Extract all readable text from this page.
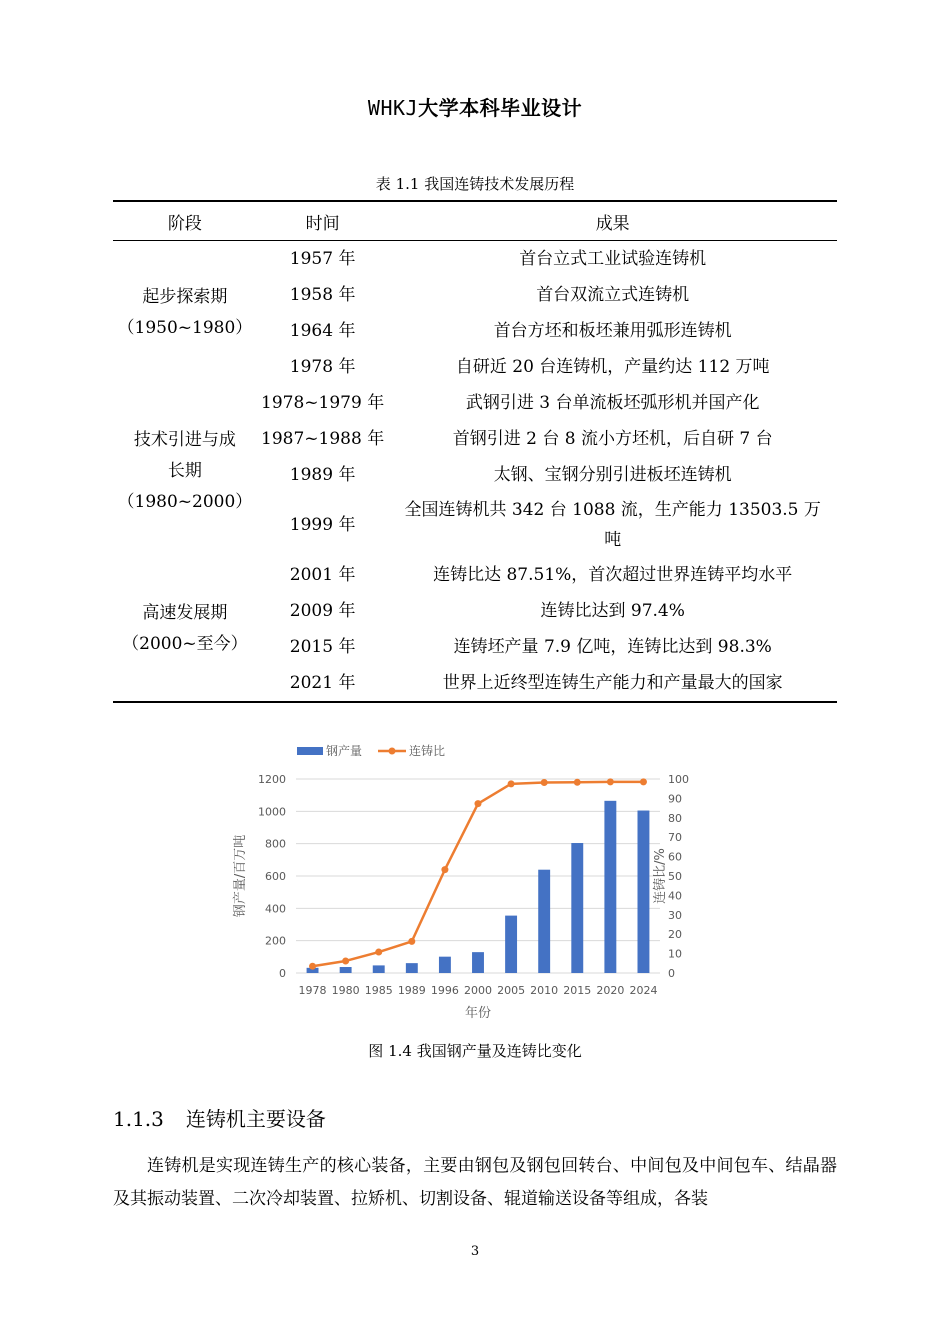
WHKJ大学本科毕业设计
表 1.1 我国连铸技术发展历程
阶段	时间	成果

起步探索期
（1950~1980）	1957 年	首台立式工业试验连铸机
	1958 年	首台双流立式连铸机
	1964 年	首台方坯和板坯兼用弧形连铸机
	1978 年	自研近 20 台连铸机，产量约达 112 万吨

技术引进与成
长期
（1980~2000）	1978~1979 年	武钢引进 3 台单流板坯弧形机并国产化
	1987~1988 年	首钢引进 2 台 8 流小方坯机，后自研 7 台
	1989 年	太钢、宝钢分别引进板坯连铸机
	1999 年	全国连铸机共 342 台 1088 流，生产能力 13503.5 万
吨

高速发展期
（2000~至今）	2001 年	连铸比达 87.51%，首次超过世界连铸平均水平
	2009 年	连铸比达到 97.4%
	2015 年	连铸坯产量 7.9 亿吨，连铸比达到 98.3%
	2021 年	世界上近终型连铸生产能力和产量最大的国家
钢产量	连铸比
0
200
400
600
800
1000
1200
0
10
20
30
40
50
60
70
80
90
100
1978 1980 1985 1989 1996 2000 2005 2010 2015 2020 2024
钢产量/百万吨	连铸比/%
年份
图 1.4 我国钢产量及连铸比变化
1.1.3 连铸机主要设备
连铸机是实现连铸生产的核心装备，主要由钢包及钢包回转台、中间包及中间包车、结晶器及其振动装置、二次冷却装置、拉矫机、切割设备、辊道输送设备等组成，各装
3
